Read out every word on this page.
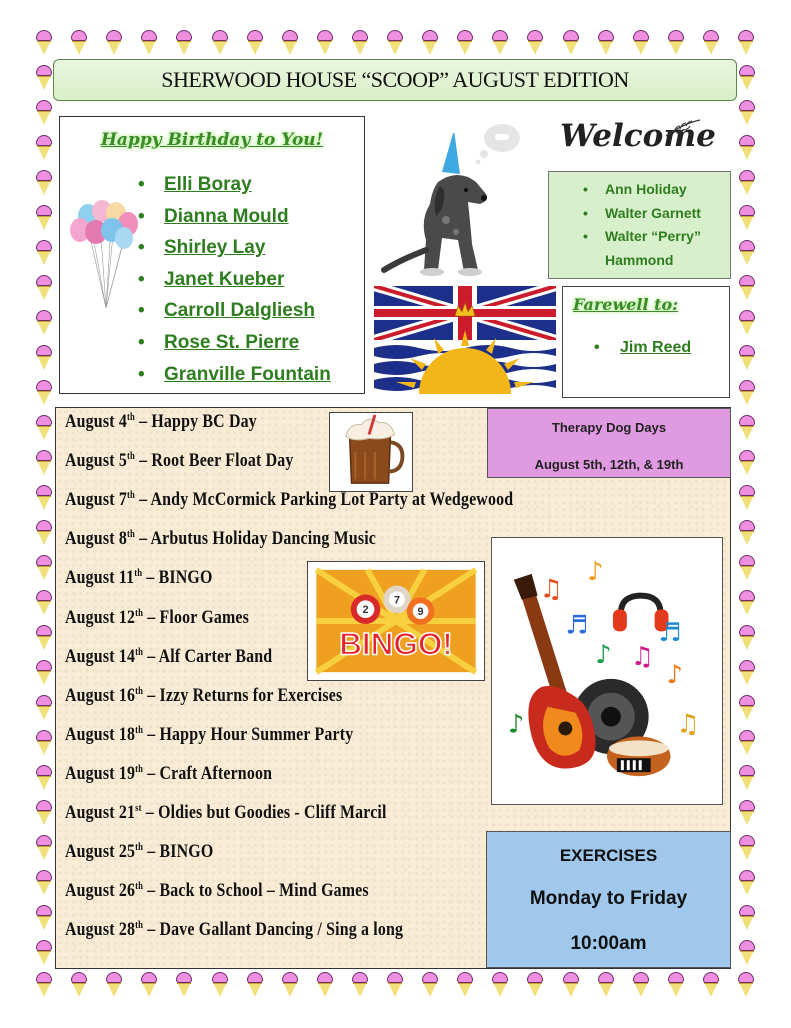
SHERWOOD HOUSE “SCOOP” AUGUST EDITION
Happy Birthday to You!
• Elli Boray
• Dianna Mould
• Shirley Lay
• Janet Kueber
• Carroll Dalgliesh
• Rose St. Pierre
• Granville Fountain
Welcome
• Ann Holiday
• Walter Garnett
• Walter “Perry” Hammond
Farewell to:
• Jim Reed
August 4th – Happy BC Day
August 5th – Root Beer Float Day
August 7th – Andy McCormick Parking Lot Party at Wedgewood
August 8th – Arbutus Holiday Dancing Music
August 11th – BINGO
August 12th – Floor Games
August 14th – Alf Carter Band
August 16th – Izzy Returns for Exercises
August 18th – Happy Hour Summer Party
August 19th – Craft Afternoon
August 21st – Oldies but Goodies - Cliff Marcil
August 25th – BINGO
August 26th – Back to School – Mind Games
August 28th – Dave Gallant Dancing / Sing a long
Therapy Dog Days
August 5th, 12th, & 19th
2
7
9
BINGO!
♫
♪
♬
♪ ♫
♪
♬
♪	♫
EXERCISES
Monday to Friday
10:00am
